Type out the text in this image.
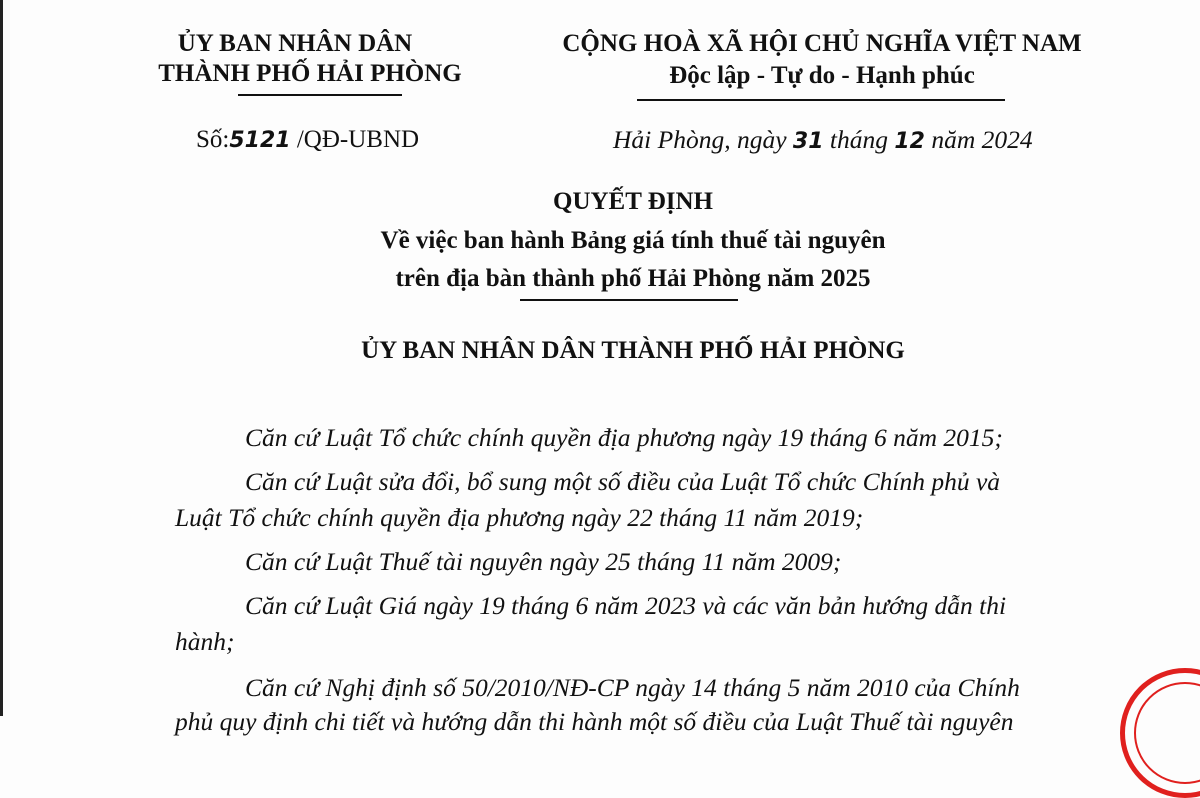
ỦY BAN NHÂN DÂN
THÀNH PHỐ HẢI PHÒNG
Số:5121 /QĐ-UBND
CỘNG HOÀ XÃ HỘI CHỦ NGHĨA VIỆT NAM
Độc lập - Tự do - Hạnh phúc
Hải Phòng, ngày 31 tháng 12 năm 2024
QUYẾT ĐỊNH
Về việc ban hành Bảng giá tính thuế tài nguyên
trên địa bàn thành phố Hải Phòng năm 2025
ỦY BAN NHÂN DÂN THÀNH PHỐ HẢI PHÒNG
Căn cứ Luật Tổ chức chính quyền địa phương ngày 19 tháng 6 năm 2015;
Căn cứ Luật sửa đổi, bổ sung một số điều của Luật Tổ chức Chính phủ và
Luật Tổ chức chính quyền địa phương ngày 22 tháng 11 năm 2019;
Căn cứ Luật Thuế tài nguyên ngày 25 tháng 11 năm 2009;
Căn cứ Luật Giá ngày 19 tháng 6 năm 2023 và các văn bản hướng dẫn thi
hành;
Căn cứ Nghị định số 50/2010/NĐ-CP ngày 14 tháng 5 năm 2010 của Chính
phủ quy định chi tiết và hướng dẫn thi hành một số điều của Luật Thuế tài nguyên
